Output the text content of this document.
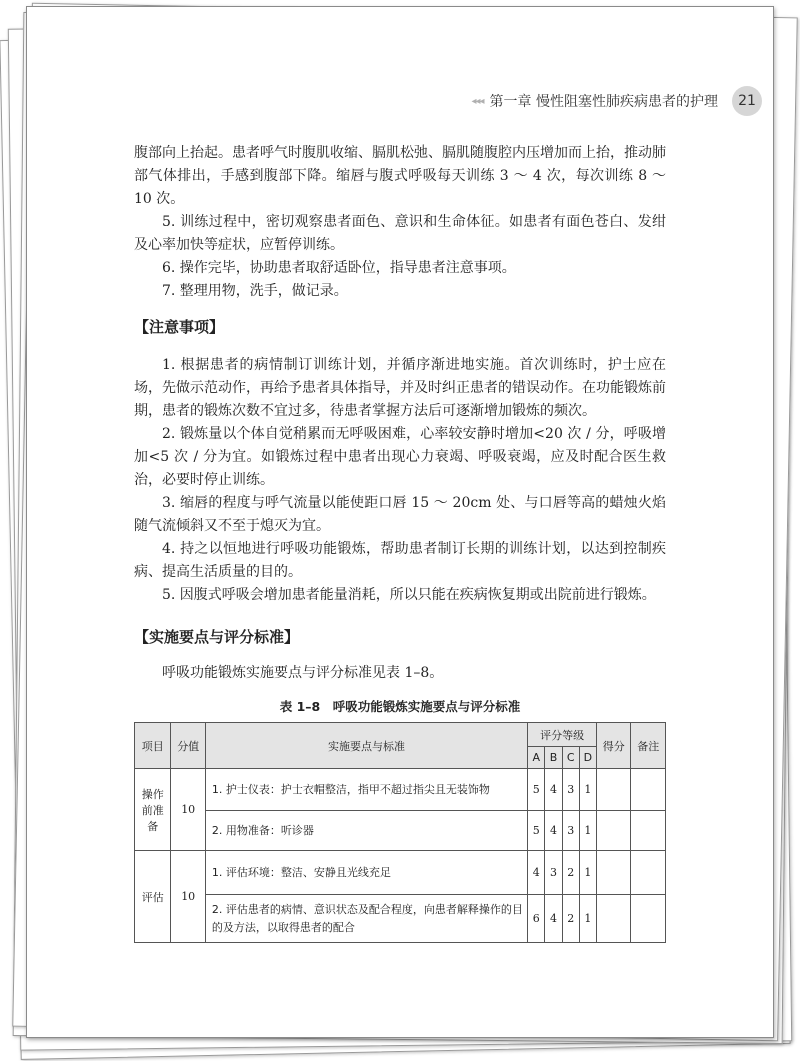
◂◂◂ 第一章 慢性阻塞性肺疾病患者的护理	21

腹部向上抬起。患者呼气时腹肌收缩、膈肌松弛、膈肌随腹腔内压增加而上抬，推动肺部气体排出，手感到腹部下降。缩唇与腹式呼吸每天训练 3 ～ 4 次，每次训练 8 ～ 10 次。

5. 训练过程中，密切观察患者面色、意识和生命体征。如患者有面色苍白、发绀及心率加快等症状，应暂停训练。

6. 操作完毕，协助患者取舒适卧位，指导患者注意事项。

7. 整理用物，洗手，做记录。

【注意事项】

1. 根据患者的病情制订训练计划，并循序渐进地实施。首次训练时，护士应在场，先做示范动作，再给予患者具体指导，并及时纠正患者的错误动作。在功能锻炼前期，患者的锻炼次数不宜过多，待患者掌握方法后可逐渐增加锻炼的频次。

2. 锻炼量以个体自觉稍累而无呼吸困难，心率较安静时增加<20 次 / 分，呼吸增加<5 次 / 分为宜。如锻炼过程中患者出现心力衰竭、呼吸衰竭，应及时配合医生救治，必要时停止训练。

3. 缩唇的程度与呼气流量以能使距口唇 15 ～ 20cm 处、与口唇等高的蜡烛火焰随气流倾斜又不至于熄灭为宜。

4. 持之以恒地进行呼吸功能锻炼，帮助患者制订长期的训练计划，以达到控制疾病、提高生活质量的目的。

5. 因腹式呼吸会增加患者能量消耗，所以只能在疾病恢复期或出院前进行锻炼。

【实施要点与评分标准】
呼吸功能锻炼实施要点与评分标准见表 1–8。
表 1–8　呼吸功能锻炼实施要点与评分标准
项目	分值	实施要点与标准	评分等级				得分	备注
			A	B	C	D		
操作前准备	10	1. 护士仪表：护士衣帽整洁，指甲不超过指尖且无装饰物	5	4	3	1		
		2. 用物准备：听诊器	5	4	3	1		
评估	10	1. 评估环境：整洁、安静且光线充足	4	3	2	1		
		2. 评估患者的病情、意识状态及配合程度，向患者解释操作的目的及方法，以取得患者的配合	6	4	2	1		
